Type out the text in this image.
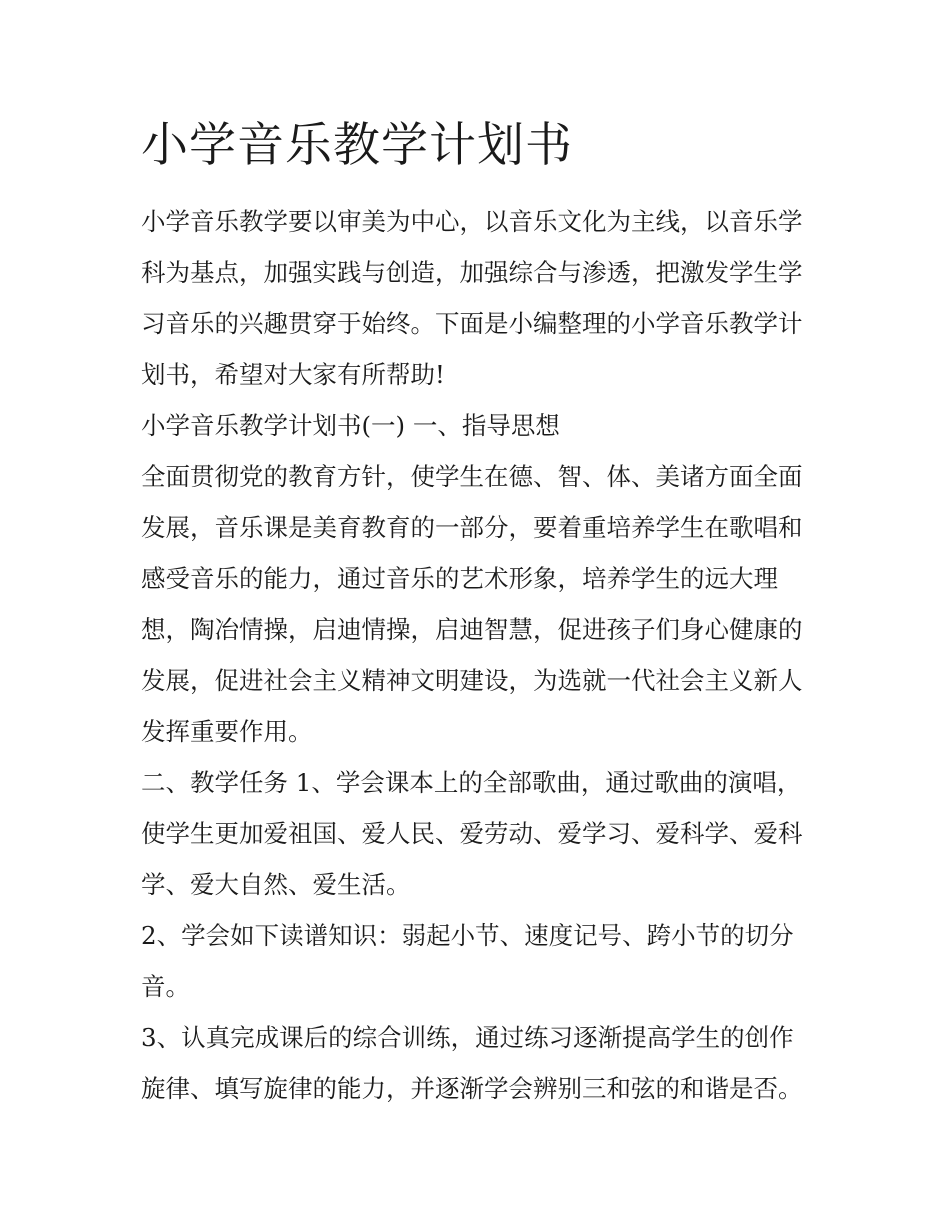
小学音乐教学计划书

小学音乐教学要以审美为中心，以音乐文化为主线，以音乐学

科为基点，加强实践与创造，加强综合与渗透，把激发学生学

习音乐的兴趣贯穿于始终。下面是小编整理的小学音乐教学计

划书，希望对大家有所帮助!

小学音乐教学计划书(一) 一、指导思想

全面贯彻党的教育方针，使学生在德、智、体、美诸方面全面

发展，音乐课是美育教育的一部分，要着重培养学生在歌唱和

感受音乐的能力，通过音乐的艺术形象，培养学生的远大理

想，陶冶情操，启迪情操，启迪智慧，促进孩子们身心健康的

发展，促进社会主义精神文明建设，为选就一代社会主义新人

发挥重要作用。

二、教学任务 1、学会课本上的全部歌曲，通过歌曲的演唱，

使学生更加爱祖国、爱人民、爱劳动、爱学习、爱科学、爱科

学、爱大自然、爱生活。

2、学会如下读谱知识：弱起小节、速度记号、跨小节的切分

音。

3、认真完成课后的综合训练，通过练习逐渐提高学生的创作

旋律、填写旋律的能力，并逐渐学会辨别三和弦的和谐是否。
